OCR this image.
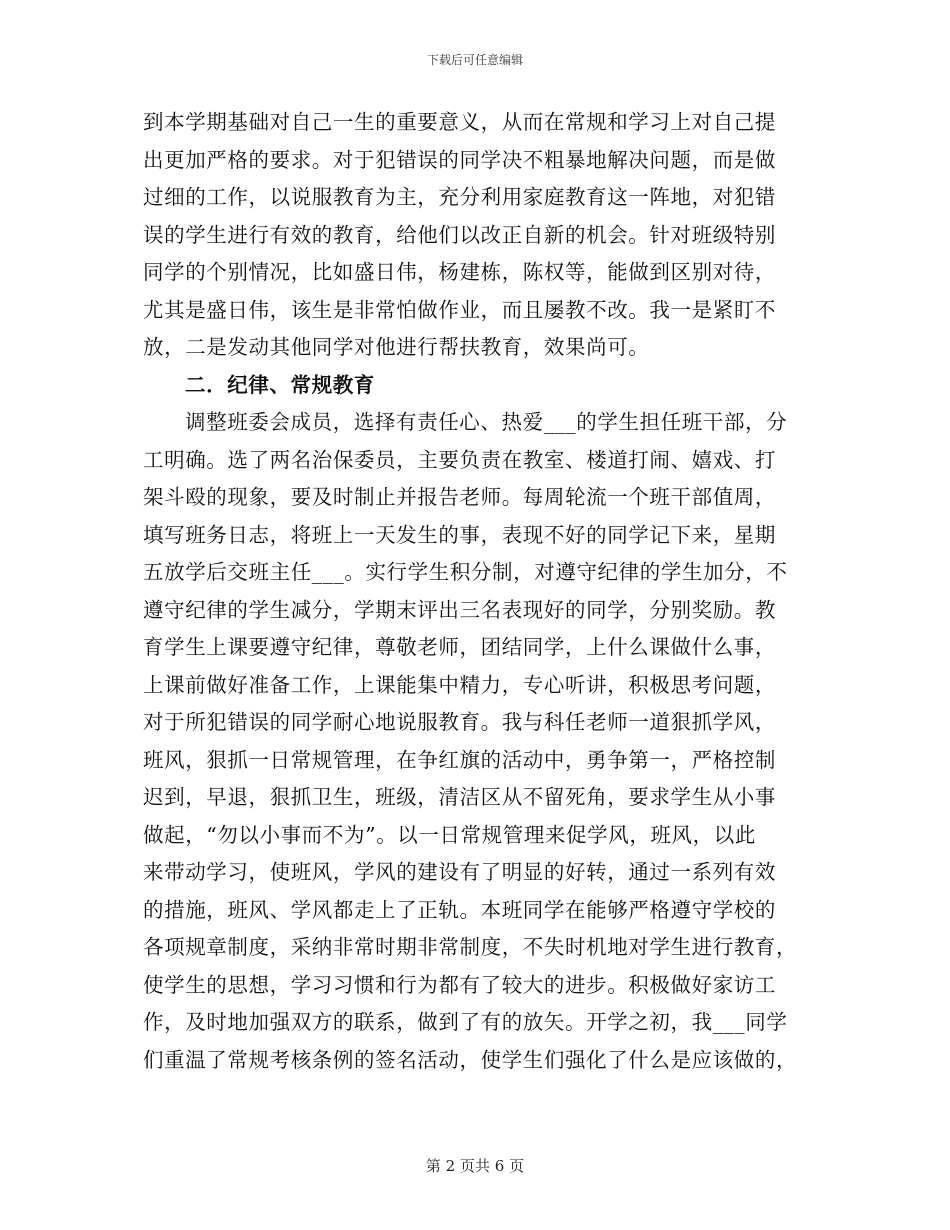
下载后可任意编辑
到本学期基础对自己一生的重要意义，从而在常规和学习上对自己提
出更加严格的要求。对于犯错误的同学决不粗暴地解决问题，而是做
过细的工作，以说服教育为主，充分利用家庭教育这一阵地，对犯错
误的学生进行有效的教育，给他们以改正自新的机会。针对班级特别
同学的个别情况，比如盛日伟，杨建栋，陈权等，能做到区别对待，
尤其是盛日伟，该生是非常怕做作业，而且屡教不改。我一是紧盯不
放，二是发动其他同学对他进行帮扶教育，效果尚可。
二．纪律、常规教育
调整班委会成员，选择有责任心、热爱___的学生担任班干部，分
工明确。选了两名治保委员，主要负责在教室、楼道打闹、嬉戏、打
架斗殴的现象，要及时制止并报告老师。每周轮流一个班干部值周，
填写班务日志，将班上一天发生的事，表现不好的同学记下来，星期
五放学后交班主任___。实行学生积分制，对遵守纪律的学生加分，不
遵守纪律的学生减分，学期末评出三名表现好的同学，分别奖励。教
育学生上课要遵守纪律，尊敬老师，团结同学，上什么课做什么事，
上课前做好准备工作，上课能集中精力，专心听讲，积极思考问题，
对于所犯错误的同学耐心地说服教育。我与科任老师一道狠抓学风，
班风，狠抓一日常规管理，在争红旗的活动中，勇争第一，严格控制
迟到，早退，狠抓卫生，班级，清洁区从不留死角，要求学生从小事
做起，“勿以小事而不为”。以一日常规管理来促学风，班风，以此
来带动学习，使班风，学风的建设有了明显的好转，通过一系列有效
的措施，班风、学风都走上了正轨。本班同学在能够严格遵守学校的
各项规章制度，采纳非常时期非常制度，不失时机地对学生进行教育，
使学生的思想，学习习惯和行为都有了较大的进步。积极做好家访工
作，及时地加强双方的联系，做到了有的放矢。开学之初，我___同学
们重温了常规考核条例的签名活动，使学生们强化了什么是应该做的，
第 2 页共 6 页
